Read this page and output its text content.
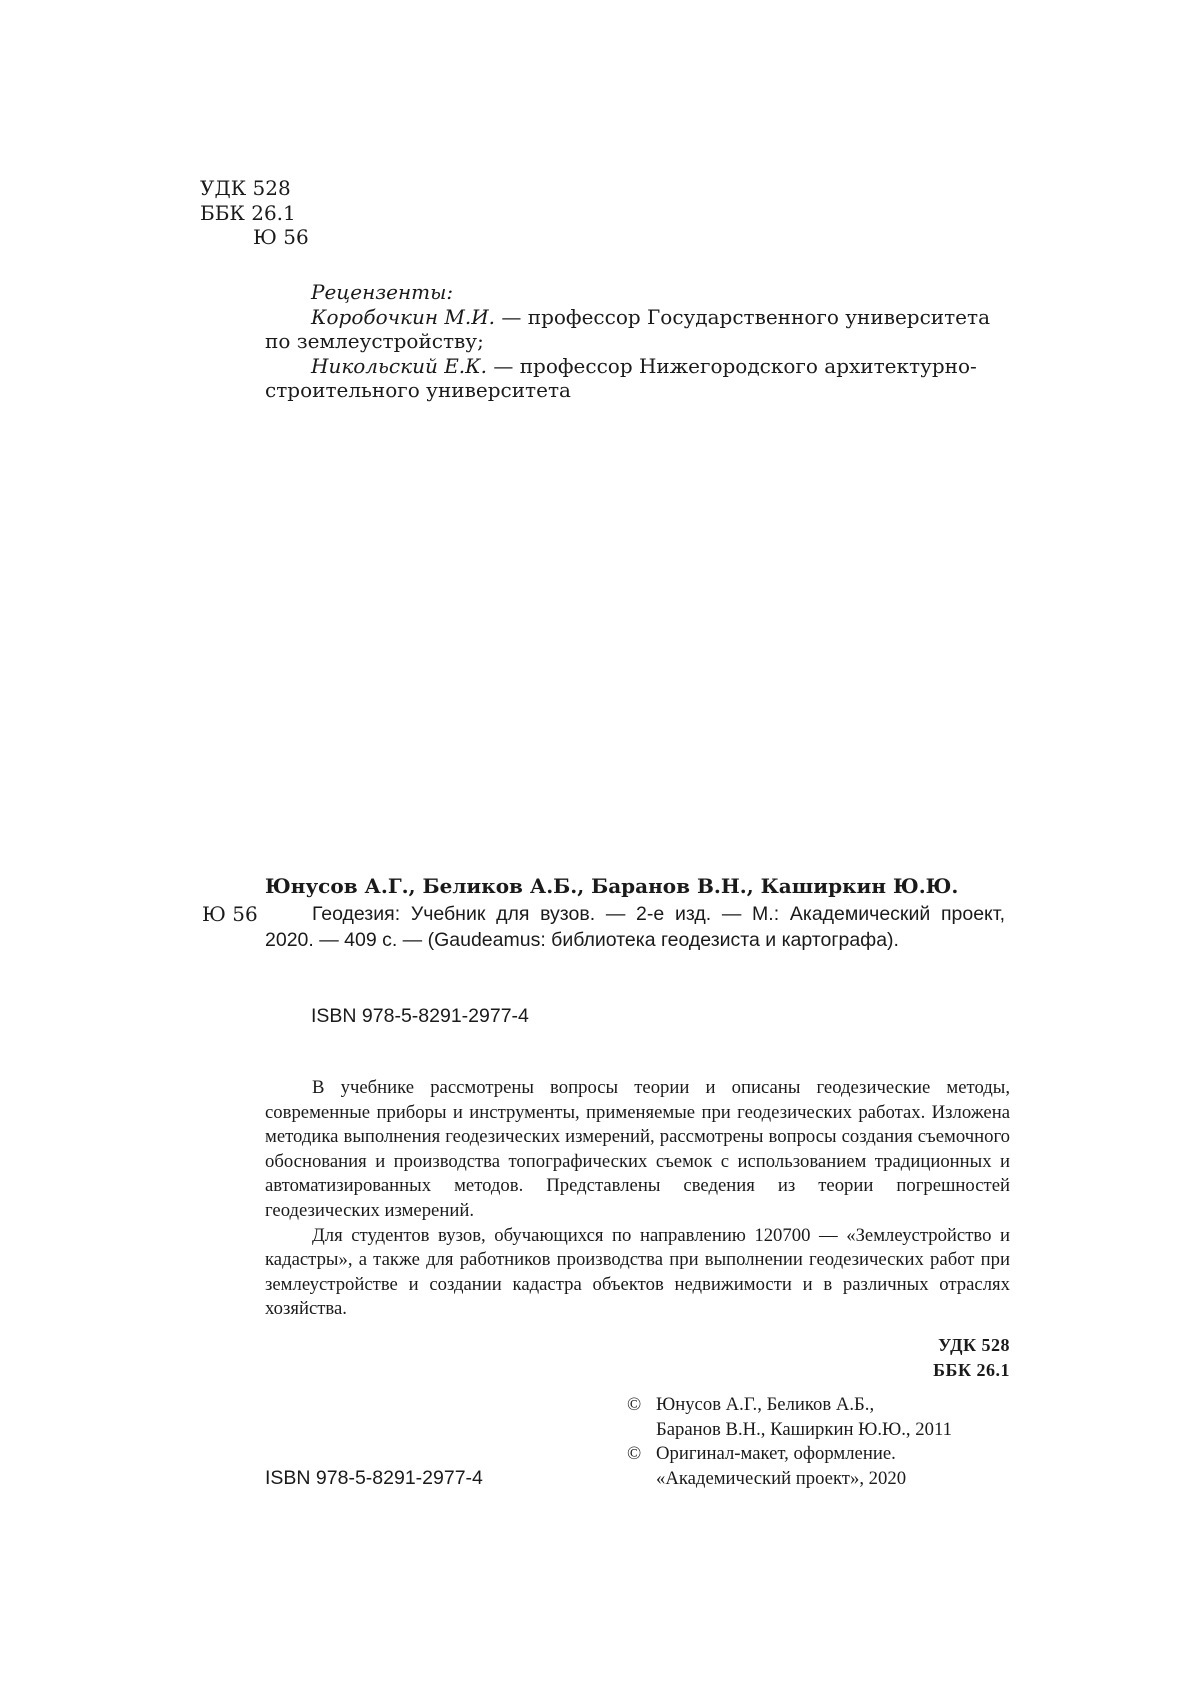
УДК 528
ББК 26.1
Ю 56

Рецензенты:

Коробочкин М.И. — профессор Государственного университета

по землеустройству;

Никольский Е.К. — профессор Нижегородского архитектурно-

строительного университета

Юнусов А.Г., Беликов А.Б., Баранов В.Н., Каширкин Ю.Ю.
Ю 56	Геодезия: Учебник для вузов. — 2-е изд. — М.: Академический проект, 2020. — 409 с. — (Gaudeamus: библиотека геодезиста и картографа).
ISBN 978-5-8291-2977-4

В учебнике рассмотрены вопросы теории и описаны геодезические методы, современные приборы и инструменты, применяемые при геодезических работах. Изложена методика выполнения геодезических измерений, рассмотрены вопросы создания съемочного обоснования и производства топографических съемок с использованием традиционных и автоматизированных методов. Представлены сведения из теории погрешностей геодезических измерений.

Для студентов вузов, обучающихся по направлению 120700 — «Землеустройство и кадастры», а также для работников производства при выполнении геодезических работ при землеустройстве и создании кадастра объектов недвижимости и в различных отраслях хозяйства.

УДК 528
ББК 26.1
© Юнусов А.Г., Беликов А.Б.,
Баранов В.Н., Каширкин Ю.Ю., 2011
© Оригинал-макет, оформление.
«Академический проект», 2020
ISBN 978-5-8291-2977-4
